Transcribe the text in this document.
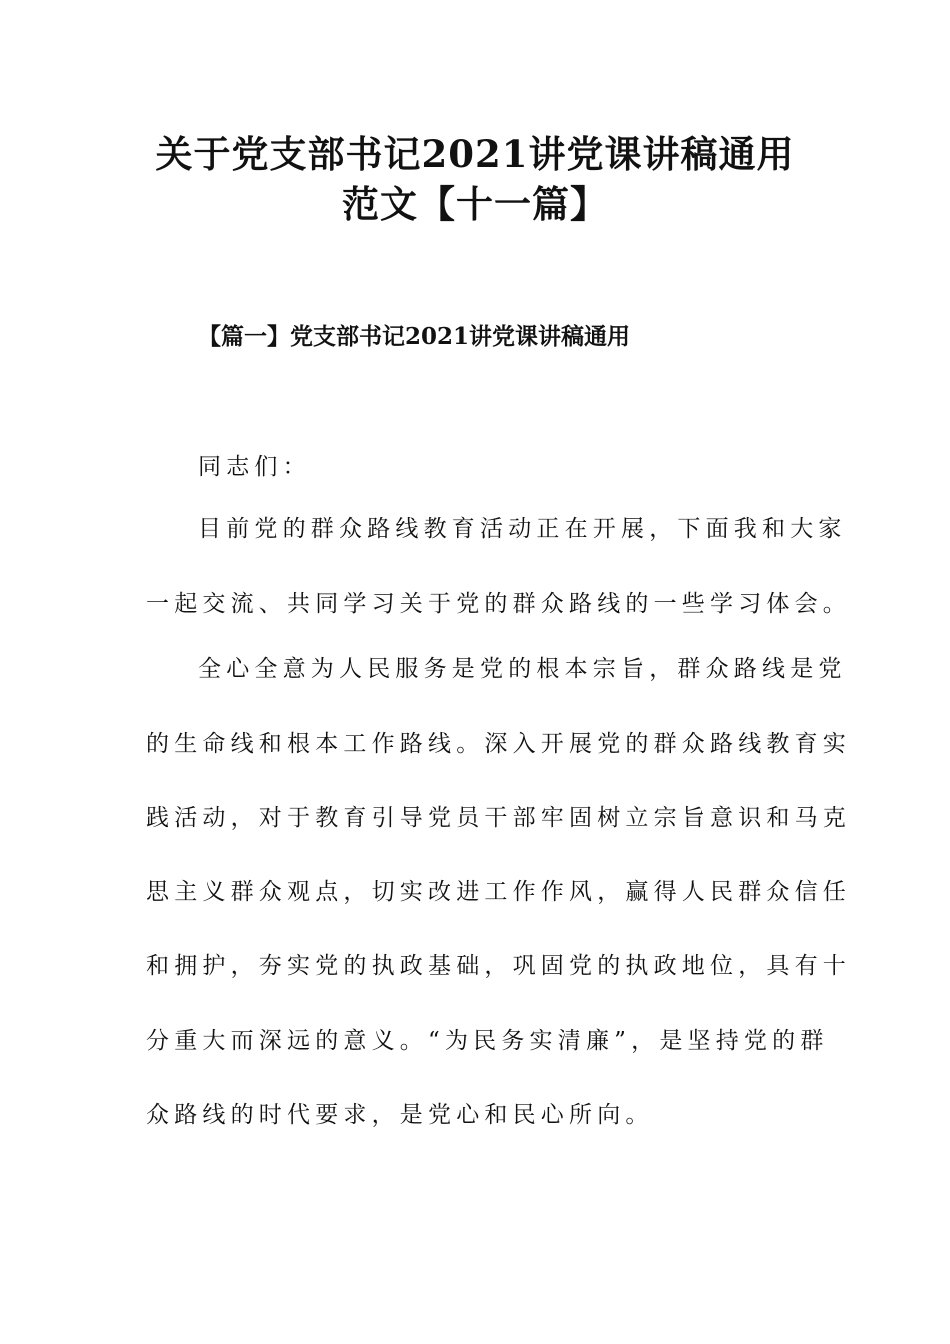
关于党支部书记2021讲党课讲稿通用
范文【十一篇】
【篇一】党支部书记2021讲党课讲稿通用
同志们：
目前党的群众路线教育活动正在开展，下面我和大家
一起交流、共同学习关于党的群众路线的一些学习体会。
全心全意为人民服务是党的根本宗旨，群众路线是党
的生命线和根本工作路线。深入开展党的群众路线教育实
践活动，对于教育引导党员干部牢固树立宗旨意识和马克
思主义群众观点，切实改进工作作风，赢得人民群众信任
和拥护，夯实党的执政基础，巩固党的执政地位，具有十
分重大而深远的意义。“为民务实清廉”，是坚持党的群
众路线的时代要求，是党心和民心所向。
